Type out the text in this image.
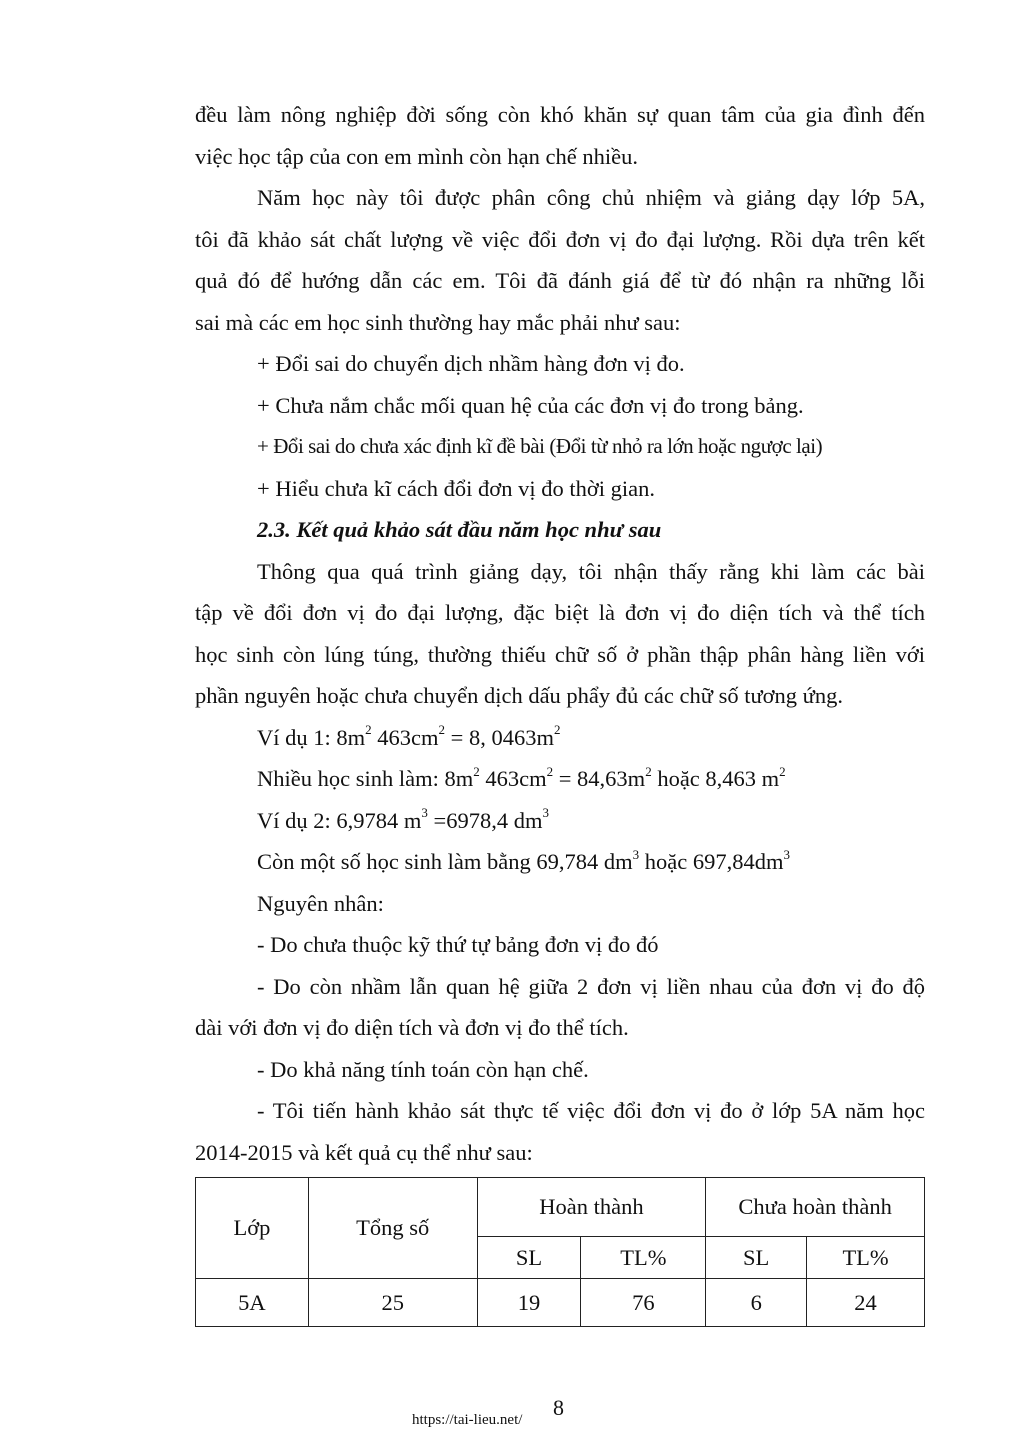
đều làm nông nghiệp đời sống còn khó khăn sự quan tâm của gia đình đến

việc học tập của con em mình còn hạn chế nhiều.

Năm học này tôi được phân công chủ nhiệm và giảng dạy lớp 5A,

tôi đã khảo sát chất lượng về việc đổi đơn vị đo đại lượng. Rồi dựa trên kết

quả đó để hướng dẫn các em. Tôi đã đánh giá để từ đó nhận ra những lỗi

sai mà các em học sinh thường hay mắc phải như sau:

+ Đổi sai do chuyển dịch nhầm hàng đơn vị đo.

+ Chưa nắm chắc mối quan hệ của các đơn vị đo trong bảng.

+ Đổi sai do chưa xác định kĩ đề bài (Đổi từ nhỏ ra lớn hoặc ngược lại)

+ Hiểu chưa kĩ cách đổi đơn vị đo thời gian.

2.3. Kết quả khảo sát đầu năm học như sau

Thông qua quá trình giảng dạy, tôi nhận thấy rằng khi làm các bài

tập về đổi đơn vị đo đại lượng, đặc biệt là đơn vị đo diện tích và thể tích

học sinh còn lúng túng, thường thiếu chữ số ở phần thập phân hàng liền với

phần nguyên hoặc chưa chuyển dịch dấu phẩy đủ các chữ số tương ứng.

Ví dụ 1: $8m^2$ $463cm^2 = 8$, $0463m^2$

Nhiều học sinh làm: $8m^2$ $463cm^2 = 84,63m^2$ hoặc 8,463 $m^2$

Ví dụ 2: 6,9784 $m^3 =6978,4$ $dm^3$

Còn một số học sinh làm bằng 69,784 $dm^3$ hoặc $697,84dm^3$

Nguyên nhân:

- Do chưa thuộc kỹ thứ tự bảng đơn vị đo đó

- Do còn nhầm lẫn quan hệ giữa 2 đơn vị liền nhau của đơn vị đo độ

dài với đơn vị đo diện tích và đơn vị đo thể tích.

- Do khả năng tính toán còn hạn chế.

- Tôi tiến hành khảo sát thực tế việc đổi đơn vị đo ở lớp 5A năm học

2014-2015 và kết quả cụ thể như sau:

Lớp	Tổng số	Hoàn thành		Chưa hoàn thành	
		SL	TL%	SL	TL%
5A	25	19	76	6	24
8
https://tai-lieu.net/
